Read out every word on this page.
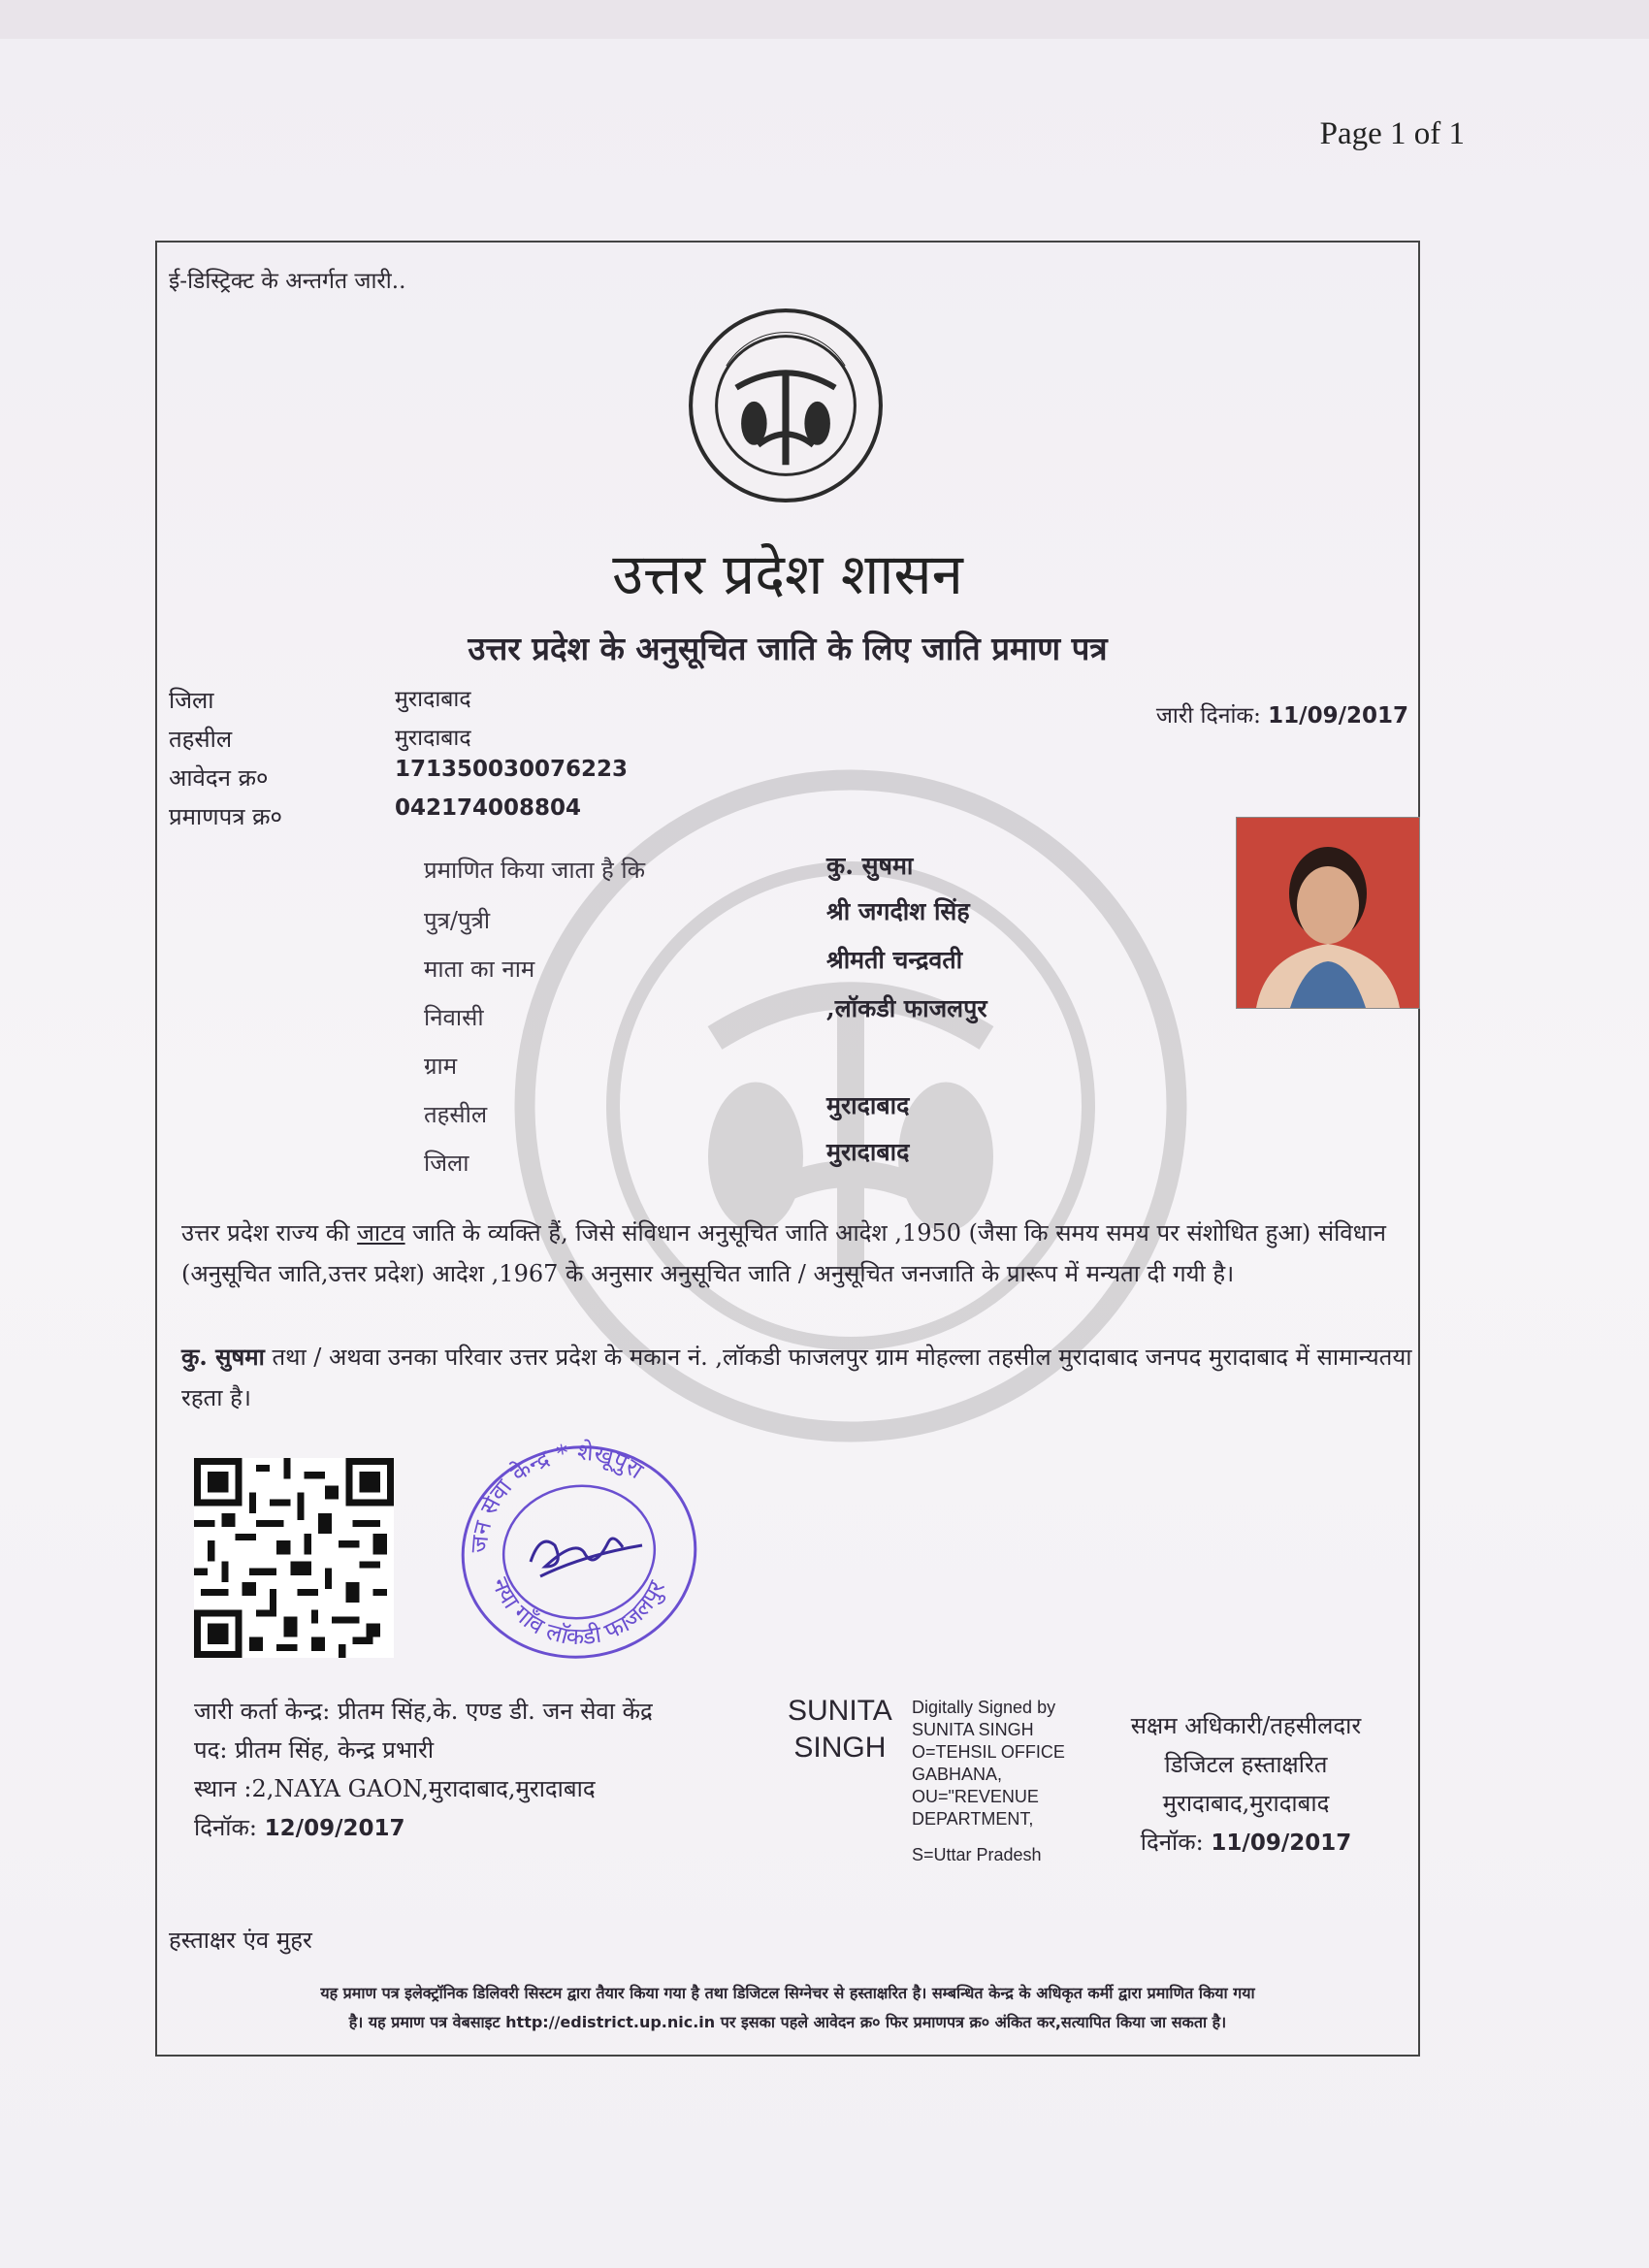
Page 1 of 1
ई-डिस्ट्रिक्ट के अन्तर्गत जारी..
उत्तर प्रदेश शासन
उत्तर प्रदेश के अनुसूचित जाति के लिए जाति प्रमाण पत्र
जिला	मुरादाबाद
तहसील	मुरादाबाद
आवेदन क्र०	171350030076223
प्रमाणपत्र क्र०	042174008804
जारी दिनांक: 11/09/2017
प्रमाणित किया जाता है कि	कु. सुषमा
पुत्र/पुत्री	श्री जगदीश सिंह
माता का नाम	श्रीमती चन्द्रवती
निवासी	,लॉकडी फाजलपुर
ग्राम
तहसील	मुरादाबाद
जिला	मुरादाबाद
उत्तर प्रदेश राज्य की जाटव जाति के व्यक्ति हैं, जिसे संविधान अनुसूचित जाति आदेश ,1950 (जैसा कि समय समय पर संशोधित हुआ) संविधान (अनुसूचित जाति,उत्तर प्रदेश) आदेश ,1967 के अनुसार अनुसूचित जाति / अनुसूचित जनजाति के प्रारूप में मन्यता दी गयी है।
कु. सुषमा तथा / अथवा उनका परिवार उत्तर प्रदेश के मकान नं. ,लॉकडी फाजलपुर ग्राम मोहल्ला तहसील मुरादाबाद जनपद मुरादाबाद में सामान्यतया रहता है।
जन सेवा केन्द्र * शेखूपुरा
नया गाँव लॉकडी फाजलपुर
जारी कर्ता केन्द्र: प्रीतम सिंह,के. एण्ड डी. जन सेवा केंद्र
पद: प्रीतम सिंह, केन्द्र प्रभारी
स्थान :2,NAYA GAON,मुरादाबाद,मुरादाबाद
दिनॉक: 12/09/2017
SUNITA
SINGH
Digitally Signed by
SUNITA SINGH
O=TEHSIL OFFICE
GABHANA,
OU="REVENUE
DEPARTMENT,
S=Uttar Pradesh
सक्षम अधिकारी/तहसीलदार
डिजिटल हस्ताक्षरित
मुरादाबाद,मुरादाबाद
दिनॉक: 11/09/2017
हस्ताक्षर एंव मुहर
यह प्रमाण पत्र इलेक्ट्रॉनिक डिलिवरी सिस्टम द्वारा तैयार किया गया है तथा डिजिटल सिग्नेचर से हस्ताक्षरित है। सम्बन्धित केन्द्र के अधिकृत कर्मी द्वारा प्रमाणित किया गया
है। यह प्रमाण पत्र वेबसाइट http://edistrict.up.nic.in पर इसका पहले आवेदन क्र० फिर प्रमाणपत्र क्र० अंकित कर,सत्यापित किया जा सकता है।
